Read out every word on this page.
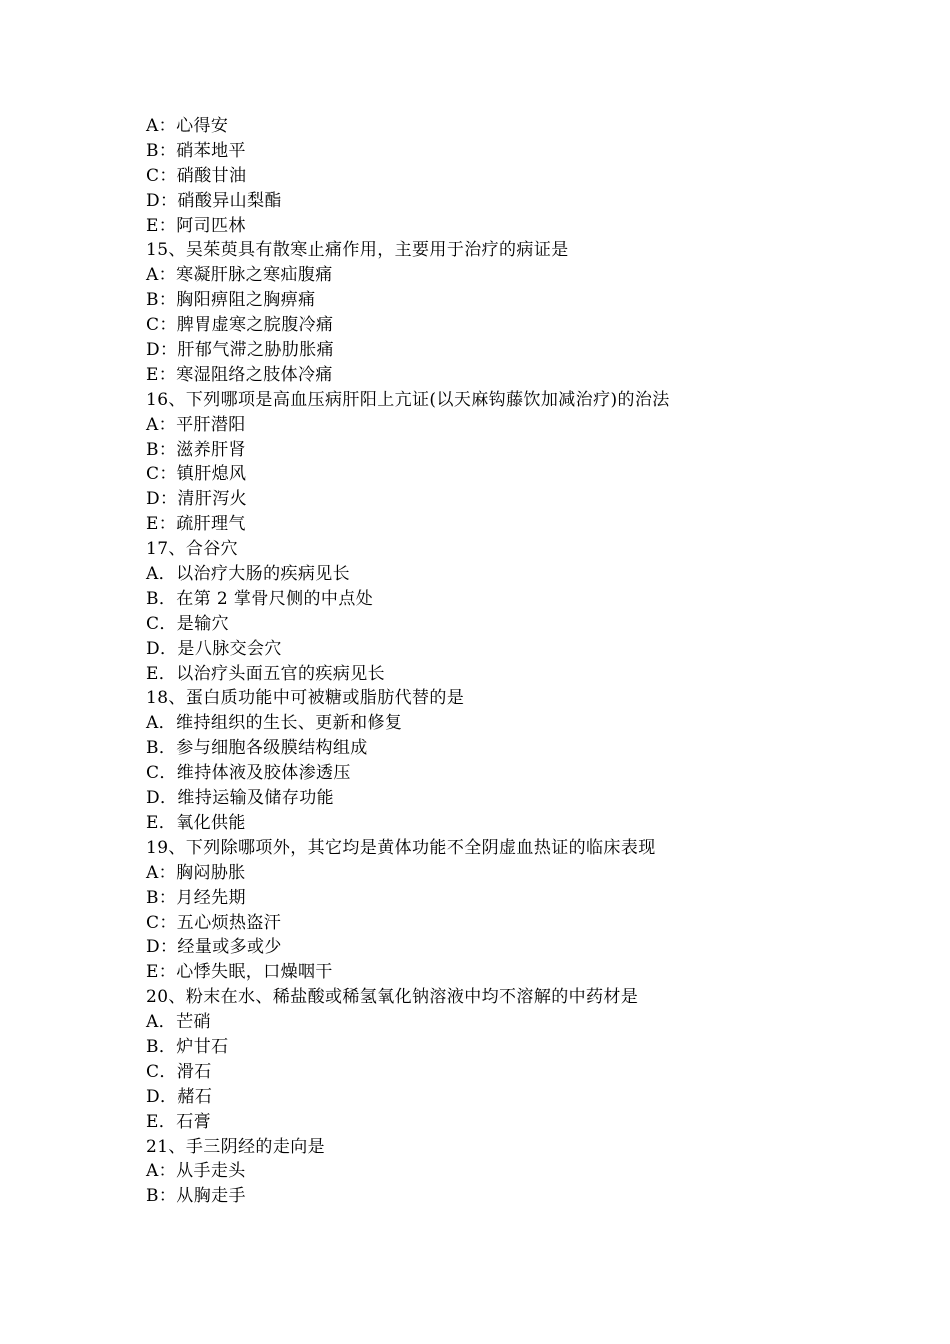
A：心得安
B：硝苯地平
C：硝酸甘油
D：硝酸异山梨酯
E：阿司匹林
15、吴茱萸具有散寒止痛作用，主要用于治疗的病证是
A：寒凝肝脉之寒疝腹痛
B：胸阳痹阻之胸痹痛
C：脾胃虚寒之脘腹冷痛
D：肝郁气滞之胁肋胀痛
E：寒湿阻络之肢体冷痛
16、下列哪项是高血压病肝阳上亢证(以天麻钩藤饮加减治疗)的治法
A：平肝潜阳
B：滋养肝肾
C：镇肝熄风
D：清肝泻火
E：疏肝理气
17、合谷穴
A．以治疗大肠的疾病见长
B．在第 2 掌骨尺侧的中点处
C．是输穴
D．是八脉交会穴
E．以治疗头面五官的疾病见长
18、蛋白质功能中可被糖或脂肪代替的是
A．维持组织的生长、更新和修复
B．参与细胞各级膜结构组成
C．维持体液及胶体渗透压
D．维持运输及储存功能
E．氧化供能
19、下列除哪项外，其它均是黄体功能不全阴虚血热证的临床表现
A：胸闷胁胀
B：月经先期
C：五心烦热盗汗
D：经量或多或少
E：心悸失眠，口燥咽干
20、粉末在水、稀盐酸或稀氢氧化钠溶液中均不溶解的中药材是
A．芒硝
B．炉甘石
C．滑石
D．赭石
E．石膏
21、手三阴经的走向是
A：从手走头
B：从胸走手
